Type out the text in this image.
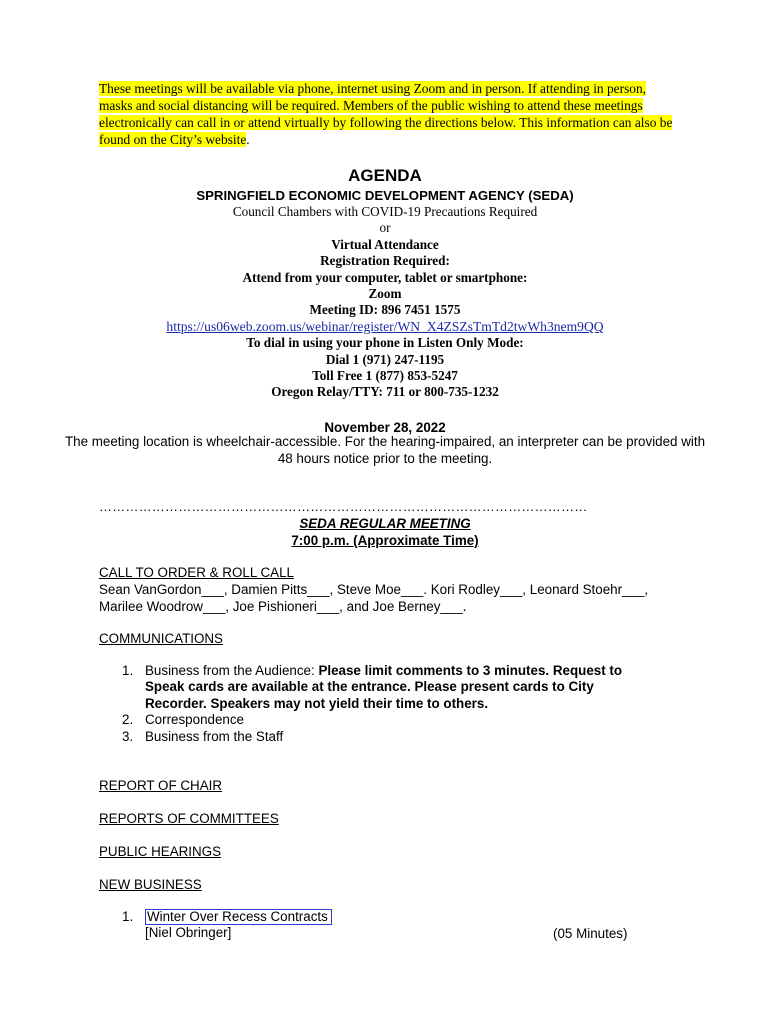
These meetings will be available via phone, internet using Zoom and in person. If attending in person, masks and social distancing will be required. Members of the public wishing to attend these meetings electronically can call in or attend virtually by following the directions below. This information can also be found on the City’s website.
AGENDA
SPRINGFIELD ECONOMIC DEVELOPMENT AGENCY (SEDA)
Council Chambers with COVID-19 Precautions Required
or
Virtual Attendance
Registration Required:
Attend from your computer, tablet or smartphone:
Zoom
Meeting ID: 896 7451 1575
https://us06web.zoom.us/webinar/register/WN_X4ZSZsTmTd2twWh3nem9QQ
To dial in using your phone in Listen Only Mode:
Dial 1 (971) 247-1195
Toll Free 1 (877) 853-5247
Oregon Relay/TTY: 711 or 800-735-1232
November 28, 2022
The meeting location is wheelchair-accessible. For the hearing-impaired, an interpreter can be provided with 48 hours notice prior to the meeting.
…………………………………………………………………………………………………
SEDA REGULAR MEETING
7:00 p.m. (Approximate Time)
CALL TO ORDER & ROLL CALL
Sean VanGordon___, Damien Pitts___, Steve Moe___. Kori Rodley___, Leonard Stoehr___,
Marilee Woodrow___, Joe Pishioneri___, and Joe Berney___.
COMMUNICATIONS
1. Business from the Audience: Please limit comments to 3 minutes. Request to Speak cards are available at the entrance. Please present cards to City Recorder. Speakers may not yield their time to others.
2. Correspondence
3. Business from the Staff
REPORT OF CHAIR
REPORTS OF COMMITTEES
PUBLIC HEARINGS
NEW BUSINESS
1. Winter Over Recess Contracts
[Niel Obringer]	(05 Minutes)
